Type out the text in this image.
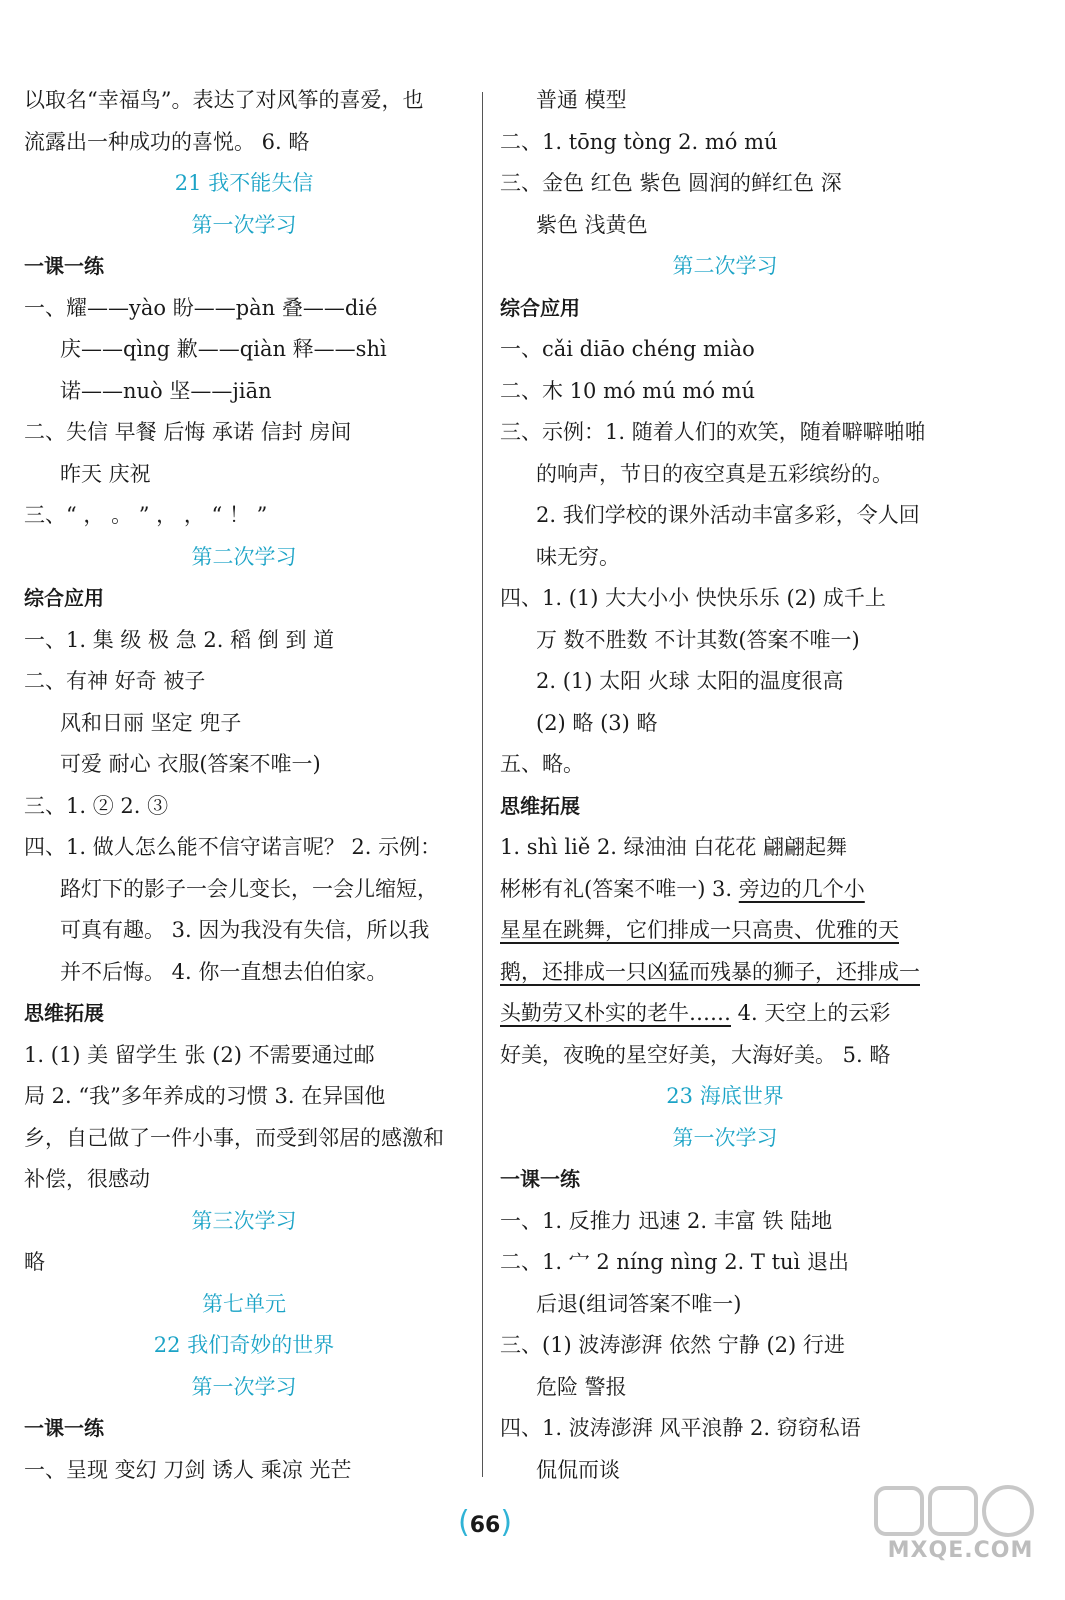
以取名“幸福鸟”。表达了对风筝的喜爱，也
流露出一种成功的喜悦。 6. 略
21 我不能失信
第一次学习
一课一练
一、耀——yào 盼——pàn 叠——dié
庆——qìng 歉——qiàn 释——shì
诺——nuò 坚——jiān
二、失信 早餐 后悔 承诺 信封 房间
昨天 庆祝
三、“ ， 。 ” ， ， “ ！ ”
第二次学习
综合应用
一、1. 集 级 极 急 2. 稻 倒 到 道
二、有神 好奇 被子
风和日丽 坚定 兜子
可爱 耐心 衣服(答案不唯一)
三、1. ② 2. ③
四、1. 做人怎么能不信守诺言呢？ 2. 示例：
路灯下的影子一会儿变长，一会儿缩短，
可真有趣。 3. 因为我没有失信，所以我
并不后悔。 4. 你一直想去伯伯家。
思维拓展
1. (1) 美 留学生 张 (2) 不需要通过邮
局 2. “我”多年养成的习惯 3. 在异国他
乡，自己做了一件小事，而受到邻居的感激和
补偿，很感动
第三次学习
略
第七单元
22 我们奇妙的世界
第一次学习
一课一练
一、呈现 变幻 刀剑 诱人 乘凉 光芒
普通 模型
二、1. tōng tòng 2. mó mú
三、金色 红色 紫色 圆润的鲜红色 深
紫色 浅黄色
第二次学习
综合应用
一、cǎi diāo chéng miào
二、木 10 mó mú mó mú
三、示例：1. 随着人们的欢笑，随着噼噼啪啪
的响声，节日的夜空真是五彩缤纷的。
2. 我们学校的课外活动丰富多彩，令人回
味无穷。
四、1. (1) 大大小小 快快乐乐 (2) 成千上
万 数不胜数 不计其数(答案不唯一)
2. (1) 太阳 火球 太阳的温度很高
(2) 略 (3) 略
五、略。
思维拓展
1. shì liě 2. 绿油油 白花花 翩翩起舞
彬彬有礼(答案不唯一) 3. 旁边的几个小
星星在跳舞，它们排成一只高贵、优雅的天
鹅，还排成一只凶猛而残暴的狮子，还排成一
头勤劳又朴实的老牛…… 4. 天空上的云彩
好美，夜晚的星空好美，大海好美。 5. 略
23 海底世界
第一次学习
一课一练
一、1. 反推力 迅速 2. 丰富 铁 陆地
二、1. 宀 2 níng nìng 2. T tuì 退出
后退(组词答案不唯一)
三、(1) 波涛澎湃 依然 宁静 (2) 行进
危险 警报
四、1. 波涛澎湃 风平浪静 2. 窃窃私语
侃侃而谈
(66)
MXQE.COM
